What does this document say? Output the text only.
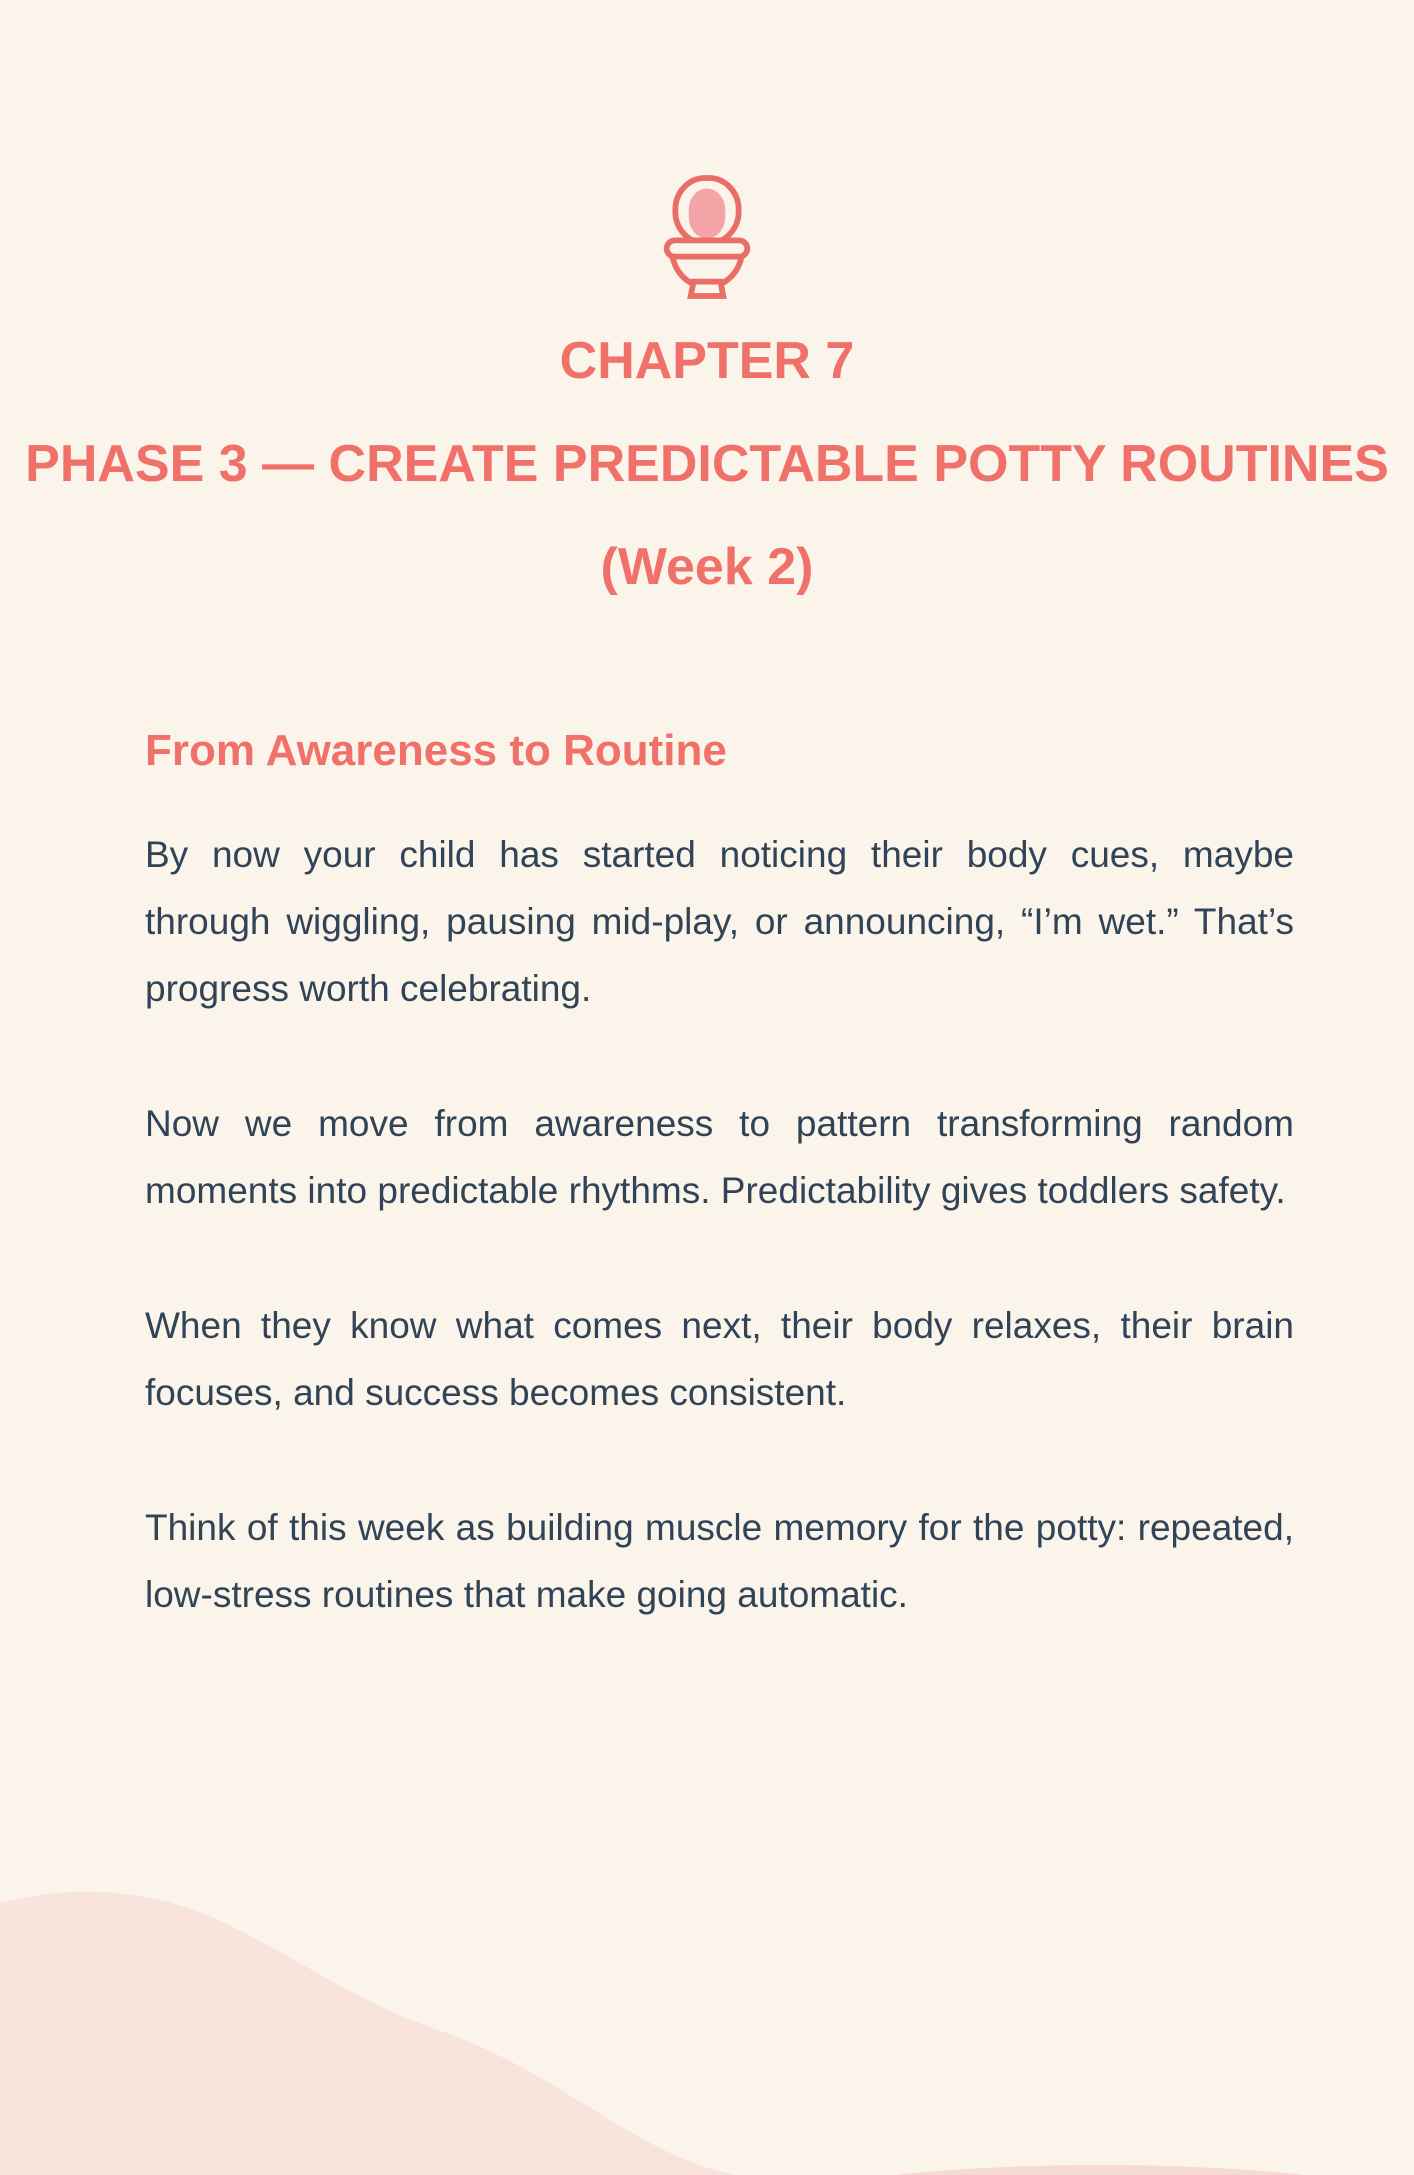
CHAPTER 7
PHASE 3 — CREATE PREDICTABLE POTTY ROUTINES (Week 2)
From Awareness to Routine

By now your child has started noticing their body cues, maybe through wiggling, pausing mid-play, or announcing, “I’m wet.” That’s progress worth celebrating.

Now we move from awareness to pattern transforming random moments into predictable rhythms. Predictability gives toddlers safety.

When they know what comes next, their body relaxes, their brain focuses, and success becomes consistent.

Think of this week as building muscle memory for the potty: repeated, low-stress routines that make going automatic.
